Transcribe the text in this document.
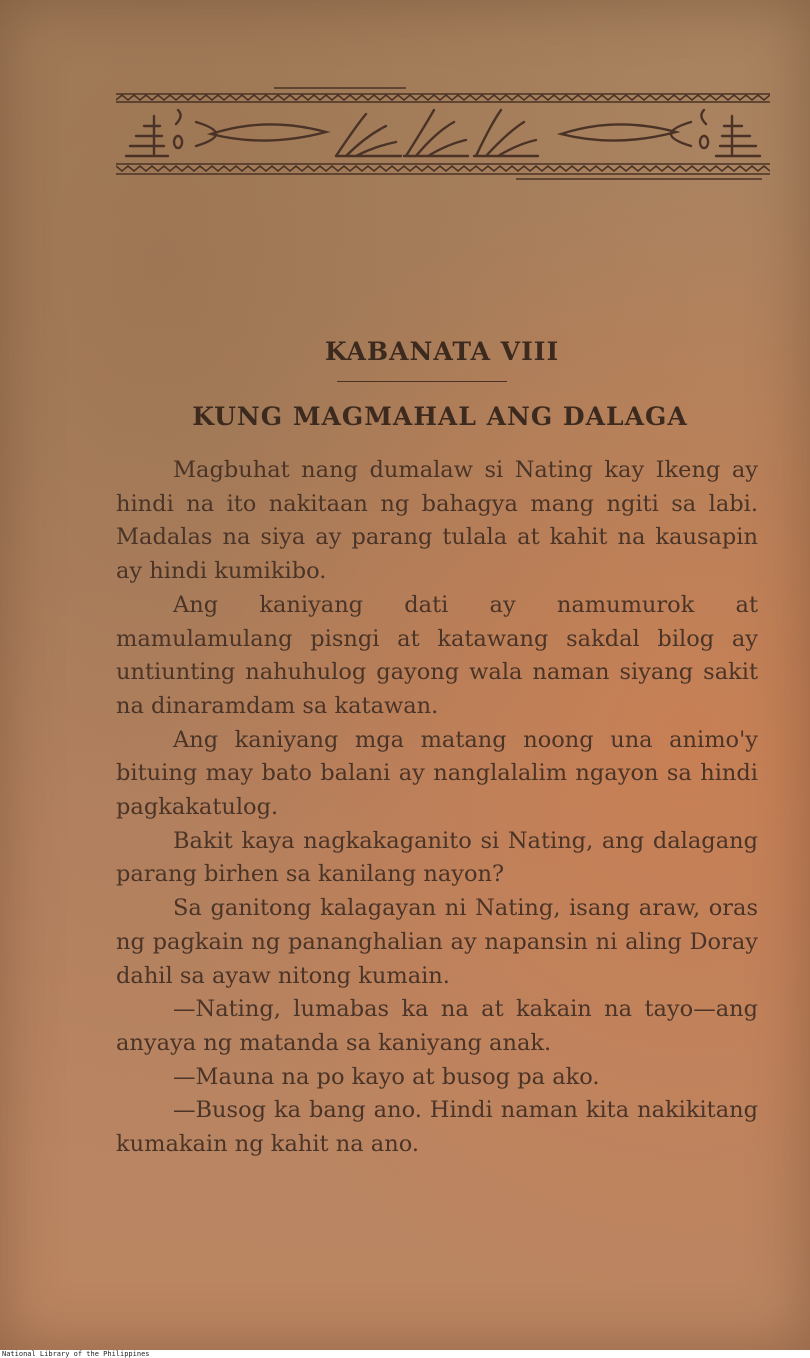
KABANATA VIII
KUNG MAGMAHAL ANG DALAGA

Magbuhat nang dumalaw si Nating kay Ikeng ay hindi na ito nakitaan ng bahagya mang ngiti sa labi. Madalas na siya ay parang tulala at kahit na kausapin ay hindi kumikibo.

Ang kaniyang dati ay namumurok at mamulamulang pisngi at katawang sakdal bilog ay untiunting nahuhulog gayong wala naman siyang sakit na dinaramdam sa katawan.

Ang kaniyang mga matang noong una animo'y bituing may bato balani ay nanglalalim ngayon sa hindi pagkakatulog.

Bakit kaya nagkakaganito si Nating, ang dalagang parang birhen sa kanilang nayon?

Sa ganitong kalagayan ni Nating, isang araw, oras ng pagkain ng pananghalian ay napansin ni aling Doray dahil sa ayaw nitong kumain.

—Nating, lumabas ka na at kakain na tayo—ang anyaya ng matanda sa kaniyang anak.

—Mauna na po kayo at busog pa ako.

—Busog ka bang ano. Hindi naman kita nakikitang kumakain ng kahit na ano.

National Library of the Philippines
